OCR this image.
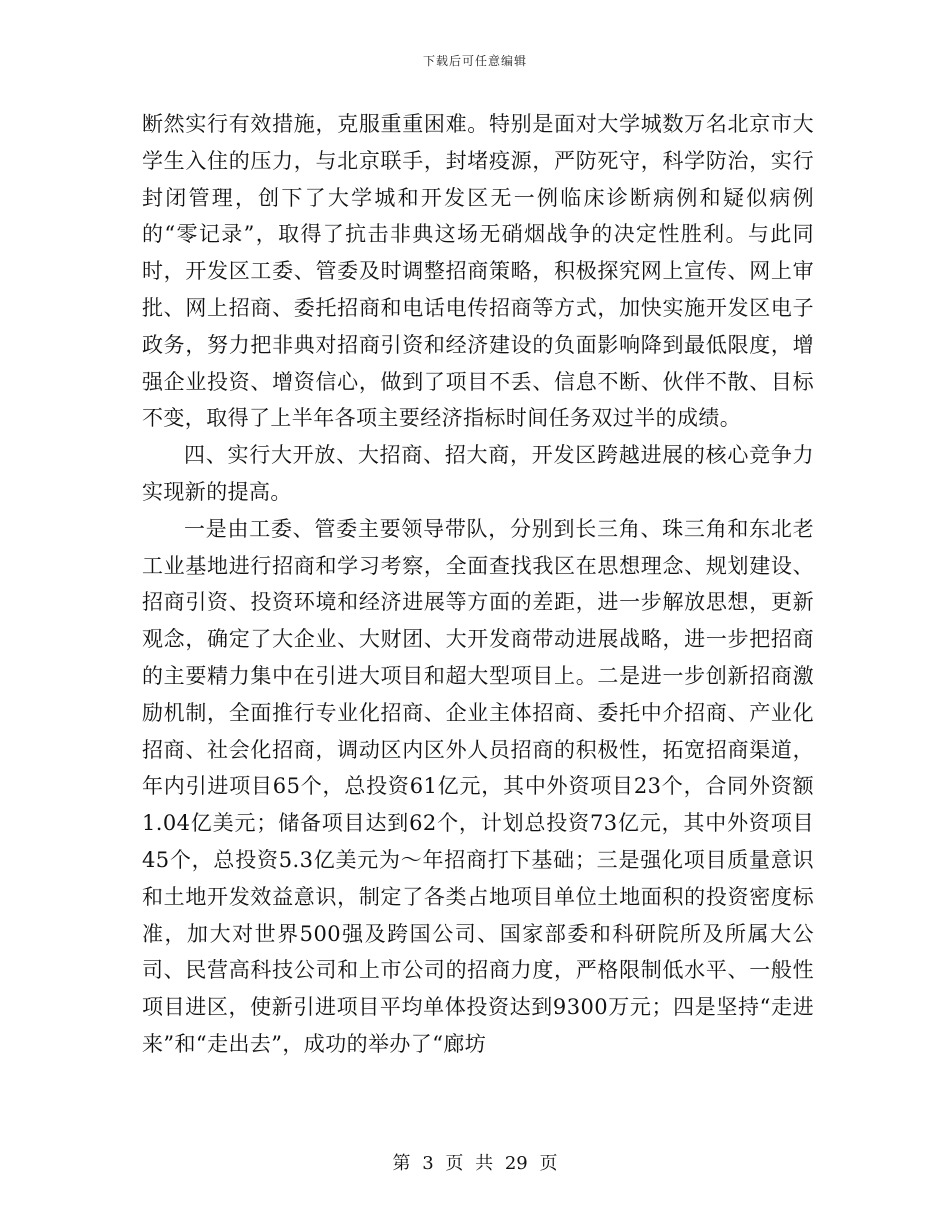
下载后可任意编辑

断然实行有效措施，克服重重困难。特别是面对大学城数万名北京市大学生入住的压力，与北京联手，封堵疫源，严防死守，科学防治，实行封闭管理，创下了大学城和开发区无一例临床诊断病例和疑似病例的“零记录”，取得了抗击非典这场无硝烟战争的决定性胜利。与此同时，开发区工委、管委及时调整招商策略，积极探究网上宣传、网上审批、网上招商、委托招商和电话电传招商等方式，加快实施开发区电子政务，努力把非典对招商引资和经济建设的负面影响降到最低限度，增强企业投资、增资信心，做到了项目不丢、信息不断、伙伴不散、目标不变，取得了上半年各项主要经济指标时间任务双过半的成绩。

四、实行大开放、大招商、招大商，开发区跨越进展的核心竞争力实现新的提高。

一是由工委、管委主要领导带队，分别到长三角、珠三角和东北老工业基地进行招商和学习考察，全面查找我区在思想理念、规划建设、招商引资、投资环境和经济进展等方面的差距，进一步解放思想，更新观念，确定了大企业、大财团、大开发商带动进展战略，进一步把招商的主要精力集中在引进大项目和超大型项目上。二是进一步创新招商激励机制，全面推行专业化招商、企业主体招商、委托中介招商、产业化招商、社会化招商，调动区内区外人员招商的积极性，拓宽招商渠道，年内引进项目65个，总投资61亿元，其中外资项目23个，合同外资额1.04亿美元；储备项目达到62个，计划总投资73亿元，其中外资项目45个，总投资5.3亿美元为～年招商打下基础；三是强化项目质量意识和土地开发效益意识，制定了各类占地项目单位土地面积的投资密度标准，加大对世界500强及跨国公司、国家部委和科研院所及所属大公司、民营高科技公司和上市公司的招商力度，严格限制低水平、一般性项目进区，使新引进项目平均单体投资达到9300万元；四是坚持“走进来”和“走出去”，成功的举办了“廊坊

第 3 页 共 29 页
